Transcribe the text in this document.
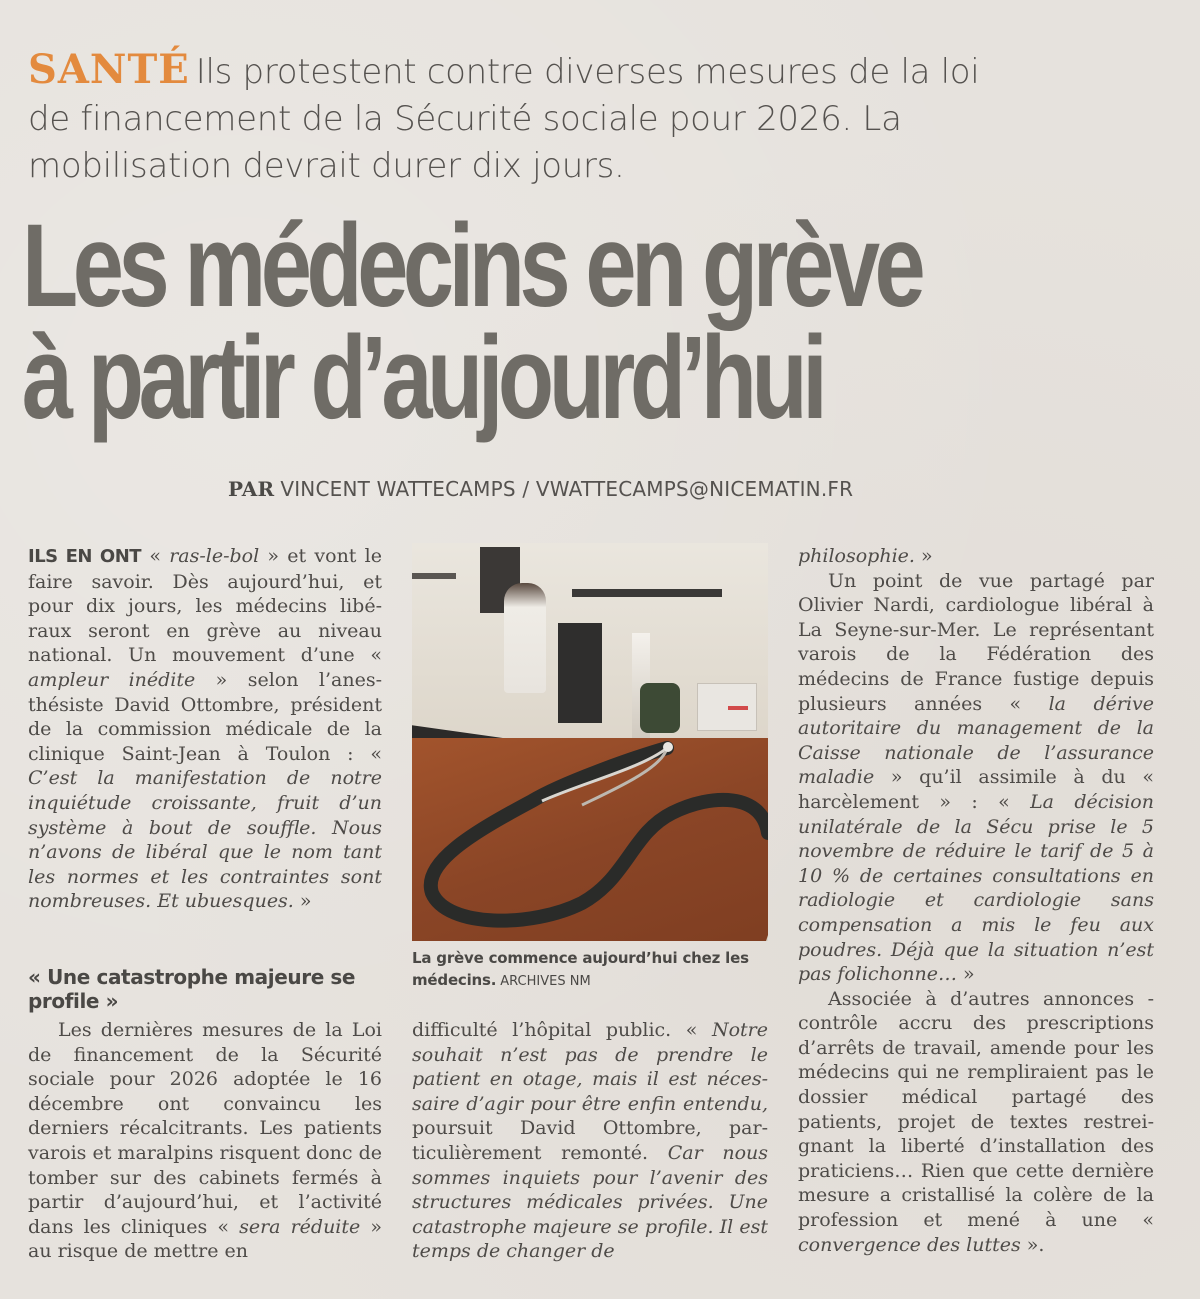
SANTÉ Ils protestent contre diverses mesures de la loi de financement de la Sécurité sociale pour 2026. La mobilisation devrait durer dix jours.
Les médecins en grève
à partir d’aujourd’hui
PAR VINCENT WATTECAMPS / VWATTECAMPS@NICEMATIN.FR

ILS EN ONT « ras-le-bol » et vont le faire savoir. Dès aujourd’hui, et pour dix jours, les médecins libéraux seront en grève au niveau national. Un mouvement d’une « ampleur inédite » selon l’anesthésiste David Ottombre, président de la commission médicale de la clinique Saint-Jean à Toulon : « C’est la manifestation de notre inquiétude croissante, fruit d’un système à bout de souffle. Nous n’avons de libéral que le nom tant les normes et les contraintes sont nombreuses. Et ubuesques. »

« Une catastrophe majeure se profile »

Les dernières mesures de la Loi de financement de la Sécurité sociale pour 2026 adoptée le 16 décembre ont convaincu les derniers récalcitrants. Les patients varois et maralpins risquent donc de tomber sur des cabinets fermés à partir d’aujourd’hui, et l’activité dans les cliniques « sera réduite » au risque de mettre en

La grève commence aujourd’hui chez les médecins. ARCHIVES NM

difficulté l’hôpital public. « Notre souhait n’est pas de prendre le patient en otage, mais il est nécessaire d’agir pour être enfin entendu, poursuit David Ottombre, particulièrement remonté. Car nous sommes inquiets pour l’avenir des structures médicales privées. Une catastrophe majeure se profile. Il est temps de changer de

philosophie. »

Un point de vue partagé par Olivier Nardi, cardiologue libéral à La Seyne-sur-Mer. Le représentant varois de la Fédération des médecins de France fustige depuis plusieurs années « la dérive autoritaire du management de la Caisse nationale de l’assurance maladie » qu’il assimile à du « harcèlement » : « La décision unilatérale de la Sécu prise le 5 novembre de réduire le tarif de 5 à 10 % de certaines consultations en radiologie et cardiologie sans compensation a mis le feu aux poudres. Déjà que la situation n’est pas folichonne… »

Associée à d’autres annonces - contrôle accru des prescriptions d’arrêts de travail, amende pour les médecins qui ne rempliraient pas le dossier médical partagé des patients, projet de textes restreignant la liberté d’installation des praticiens… Rien que cette dernière mesure a cristallisé la colère de la profession et mené à une « convergence des luttes ».
